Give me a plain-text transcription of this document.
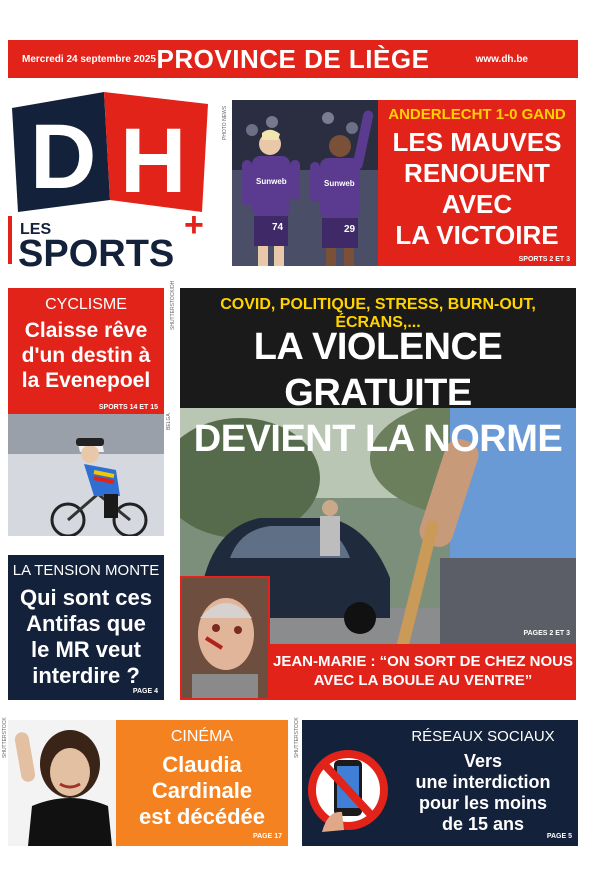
Mercredi 24 septembre 2025 PROVINCE DE LIÈGE	www.dh.be
D H
LES
SPORTS
+
PHOTO NEWS
Sunweb
74
Sunweb
29
ANDERLECHT 1-0 GAND
LES MAUVES
RENOUENT
AVEC
LA VICTOIRE
SPORTS 2 ET 3
CYCLISME
Claisse rêve
d'un destin à
la Evenepoel
SPORTS 14 ET 15
BELGA
LA TENSION MONTE
Qui sont ces
Antifas que
le MR veut
interdire ?
PAGE 4
SHUTTERSTOCK/DH	COVID, POLITIQUE, STRESS, BURN-OUT, ÉCRANS,...
LA VIOLENCE GRATUITE
DEVIENT LA NORME
PAGES 2 ET 3
JEAN-MARIE : “ON SORT DE CHEZ NOUS
AVEC LA BOULE AU VENTRE”
SHUTTERSTOCK	CINÉMA
Claudia
Cardinale
est décédée
PAGE 17
SHUTTERSTOCK	RÉSEAUX SOCIAUX
Vers
une interdiction
pour les moins
de 15 ans
PAGE 5
